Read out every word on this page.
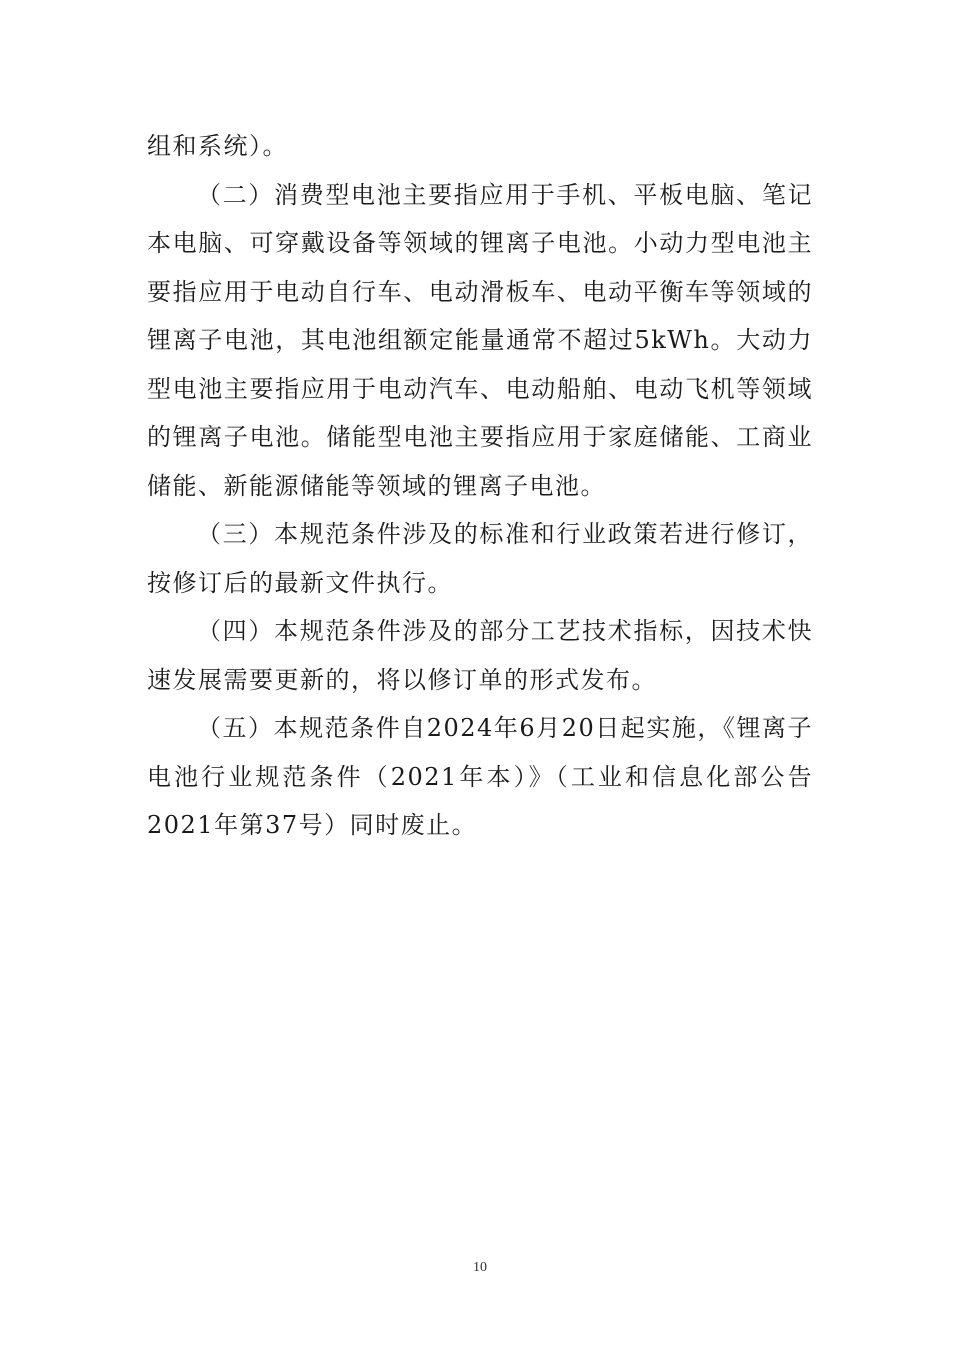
组和系统）。

（二）消费型电池主要指应用于手机、平板电脑、笔记本电脑、可穿戴设备等领域的锂离子电池。小动力型电池主要指应用于电动自行车、电动滑板车、电动平衡车等领域的锂离子电池，其电池组额定能量通常不超过5kWh。大动力型电池主要指应用于电动汽车、电动船舶、电动飞机等领域的锂离子电池。储能型电池主要指应用于家庭储能、工商业储能、新能源储能等领域的锂离子电池。

（三）本规范条件涉及的标准和行业政策若进行修订，按修订后的最新文件执行。

（四）本规范条件涉及的部分工艺技术指标，因技术快速发展需要更新的，将以修订单的形式发布。

（五）本规范条件自2024年6月20日起实施，《锂离子电池行业规范条件（2021年本）》（工业和信息化部公告2021年第37号）同时废止。

10
